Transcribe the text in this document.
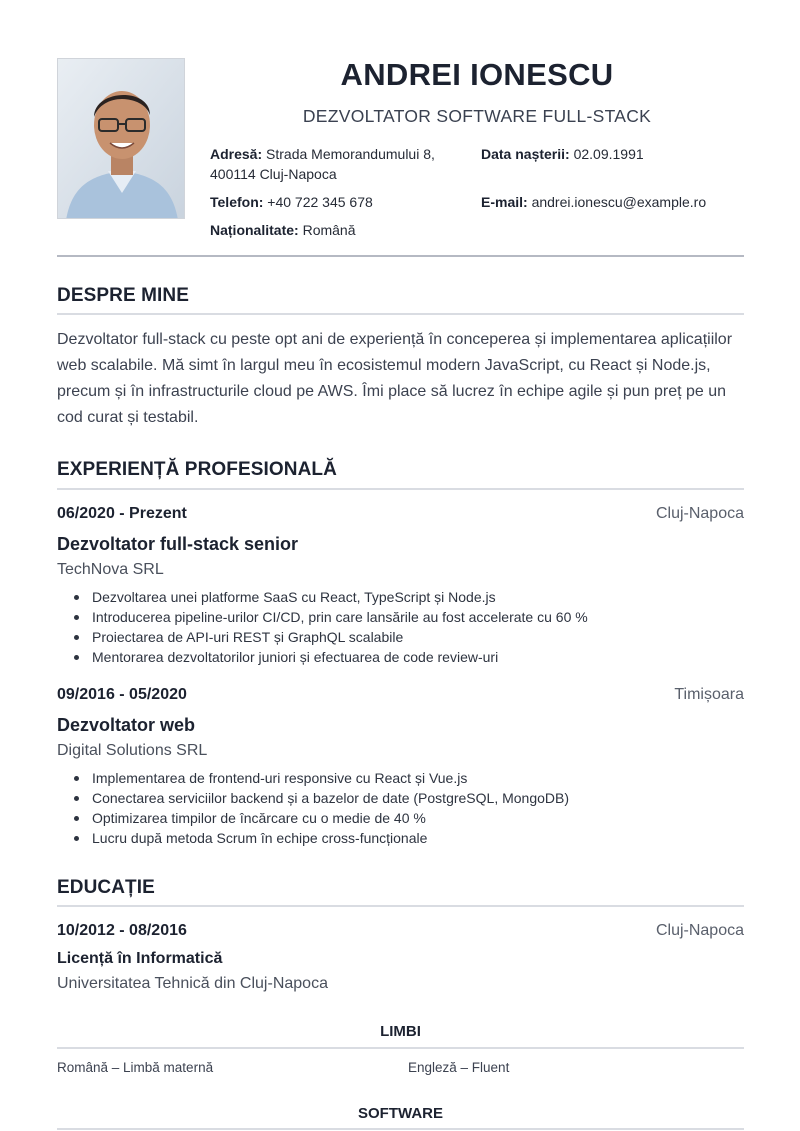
ANDREI IONESCU
DEZVOLTATOR SOFTWARE FULL-STACK
Adresă: Strada Memorandumului 8,
400114 Cluj-Napoca
Data nașterii: 02.09.1991
Telefon: +40 722 345 678	E-mail: andrei.ionescu@example.ro
Naționalitate: Română
DESPRE MINE
Dezvoltator full-stack cu peste opt ani de experiență în conceperea și implementarea aplicațiilor web scalabile. Mă simt în largul meu în ecosistemul modern JavaScript, cu React și Node.js, precum și în infrastructurile cloud pe AWS. Îmi place să lucrez în echipe agile și pun preț pe un cod curat și testabil.
EXPERIENȚĂ PROFESIONALĂ
06/2020 - Prezent	Cluj-Napoca
Dezvoltator full-stack senior
TechNova SRL
Dezvoltarea unei platforme SaaS cu React, TypeScript și Node.js
Introducerea pipeline-urilor CI/CD, prin care lansările au fost accelerate cu 60 %
Proiectarea de API-uri REST și GraphQL scalabile
Mentorarea dezvoltatorilor juniori și efectuarea de code review-uri
09/2016 - 05/2020	Timișoara
Dezvoltator web
Digital Solutions SRL
Implementarea de frontend-uri responsive cu React și Vue.js
Conectarea serviciilor backend și a bazelor de date (PostgreSQL, MongoDB)
Optimizarea timpilor de încărcare cu o medie de 40 %
Lucru după metoda Scrum în echipe cross-funcționale
EDUCAȚIE
10/2012 - 08/2016	Cluj-Napoca
Licență în Informatică
Universitatea Tehnică din Cluj-Napoca
LIMBI
Română – Limbă maternă	Engleză – Fluent
SOFTWARE
